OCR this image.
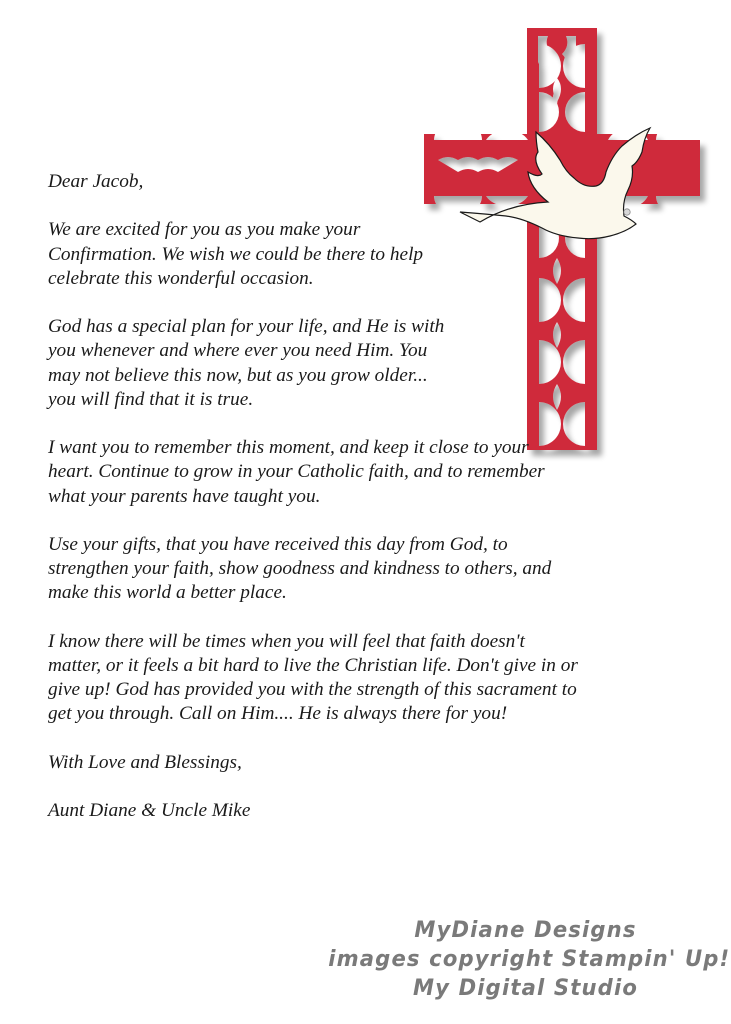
Dear Jacob,
We are excited for you as you make your
Confirmation. We wish we could be there to help
celebrate this wonderful occasion.
God has a special plan for your life, and He is with
you whenever and where ever you need Him. You
may not believe this now, but as you grow older...
you will find that it is true.
I want you to remember this moment, and keep it close to your
heart. Continue to grow in your Catholic faith, and to remember
what your parents have taught you.
Use your gifts, that you have received this day from God, to
strengthen your faith, show goodness and kindness to others, and
make this world a better place.
I know there will be times when you will feel that faith doesn't
matter, or it feels a bit hard to live the Christian life. Don't give in or
give up! God has provided you with the strength of this sacrament to
get you through. Call on Him.... He is always there for you!
With Love and Blessings,
Aunt Diane & Uncle Mike
MyDiane Designs
images copyright Stampin' Up!
My Digital Studio
